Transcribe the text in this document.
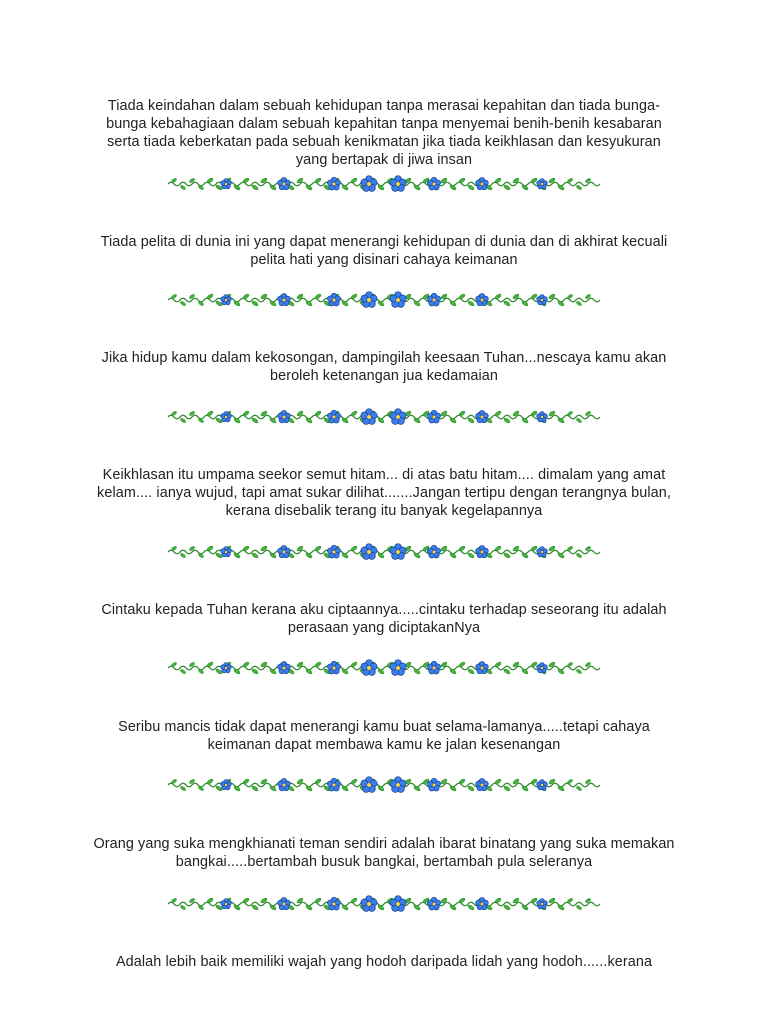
Tiada keindahan dalam sebuah kehidupan tanpa merasai kepahitan dan tiada bunga-bunga kebahagiaan dalam sebuah kepahitan tanpa menyemai benih-benih kesabaran serta tiada keberkatan pada sebuah kenikmatan jika tiada keikhlasan dan kesyukuran yang bertapak di jiwa insan
Tiada pelita di dunia ini yang dapat menerangi kehidupan di dunia dan di akhirat kecuali pelita hati yang disinari cahaya keimanan
Jika hidup kamu dalam kekosongan, dampingilah keesaan Tuhan...nescaya kamu akan beroleh ketenangan jua kedamaian
Keikhlasan itu umpama seekor semut hitam... di atas batu hitam.... dimalam yang amat kelam.... ianya wujud, tapi amat sukar dilihat.......Jangan tertipu dengan terangnya bulan, kerana disebalik terang itu banyak kegelapannya
Cintaku kepada Tuhan kerana aku ciptaannya.....cintaku terhadap seseorang itu adalah perasaan yang diciptakanNya
Seribu mancis tidak dapat menerangi kamu buat selama-lamanya.....tetapi cahaya keimanan dapat membawa kamu ke jalan kesenangan
Orang yang suka mengkhianati teman sendiri adalah ibarat binatang yang suka memakan bangkai.....bertambah busuk bangkai, bertambah pula seleranya
Adalah lebih baik memiliki wajah yang hodoh daripada lidah yang hodoh......kerana
